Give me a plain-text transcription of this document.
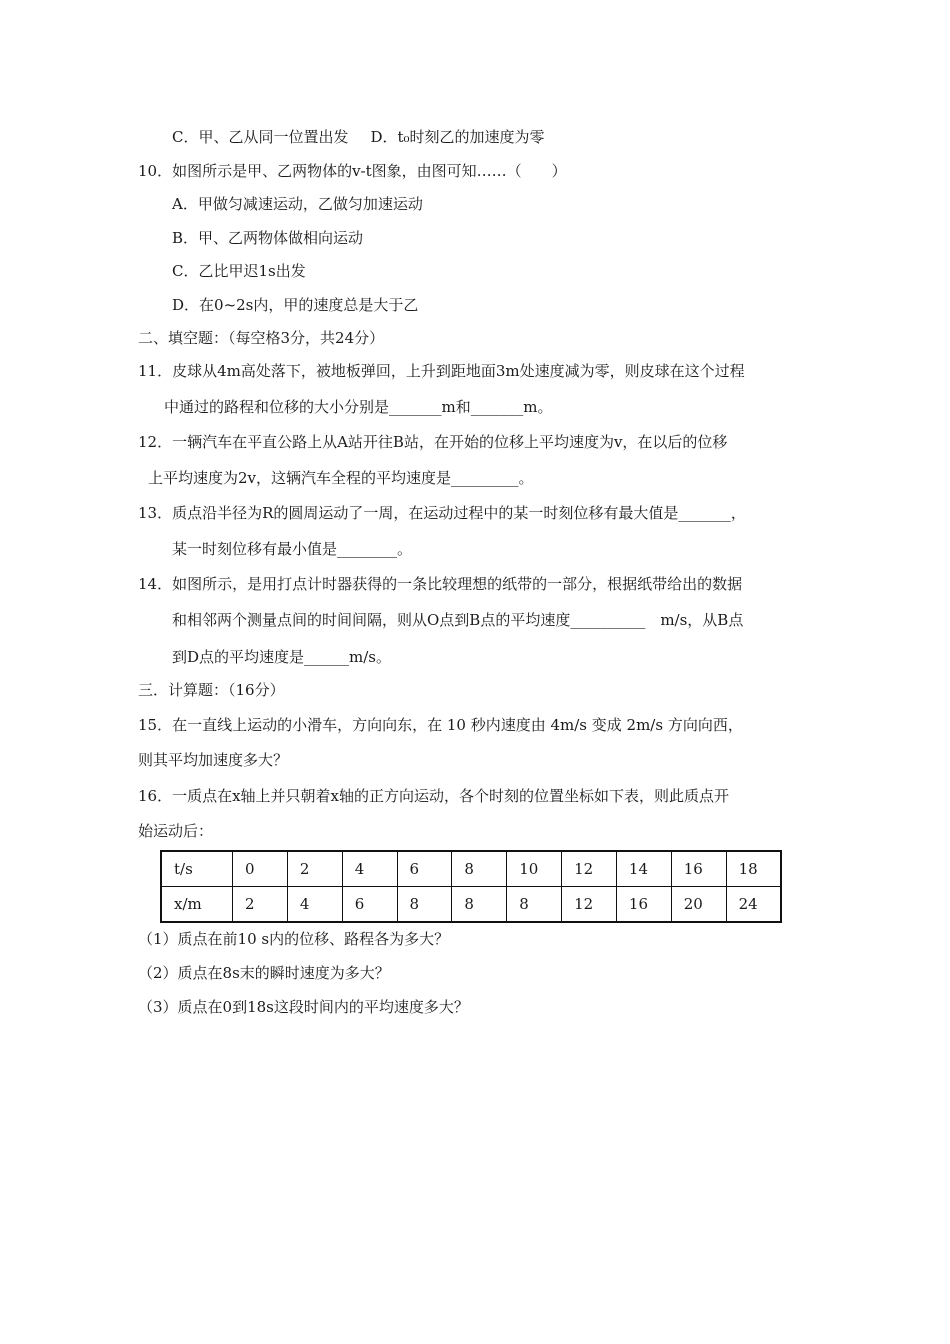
C．甲、乙从同一位置出发 D．t₀时刻乙的加速度为零
10．如图所示是甲、乙两物体的v-t图象，由图可知……（　　）
A．甲做匀减速运动，乙做匀加速运动
B．甲、乙两物体做相向运动
C．乙比甲迟1s出发
D．在0~2s内，甲的速度总是大于乙
二、填空题：（每空格3分，共24分）
11．皮球从4m高处落下，被地板弹回，上升到距地面3m处速度减为零，则皮球在这个过程
中通过的路程和位移的大小分别是_______m和_______m。
12．一辆汽车在平直公路上从A站开往B站，在开始的位移上平均速度为v，在以后的位移
上平均速度为2v，这辆汽车全程的平均速度是_________。
13．质点沿半径为R的圆周运动了一周，在运动过程中的某一时刻位移有最大值是_______，
某一时刻位移有最小值是________。
14．如图所示，是用打点计时器获得的一条比较理想的纸带的一部分，根据纸带给出的数据
和相邻两个测量点间的时间间隔，则从O点到B点的平均速度__________　m/s，从B点
到D点的平均速度是______m/s。
三．计算题：（16分）
15．在一直线上运动的小滑车，方向向东，在 10 秒内速度由 4m/s 变成 2m/s 方向向西，
则其平均加速度多大？
16．一质点在x轴上并只朝着x轴的正方向运动，各个时刻的位置坐标如下表，则此质点开
始运动后：
t/s	0	2	4	6	8	10	12	14	16	18
x/m	2	4	6	8	8	8	12	16	20	24
（1）质点在前10 s内的位移、路程各为多大？
（2）质点在8s末的瞬时速度为多大？
（3）质点在0到18s这段时间内的平均速度多大？
